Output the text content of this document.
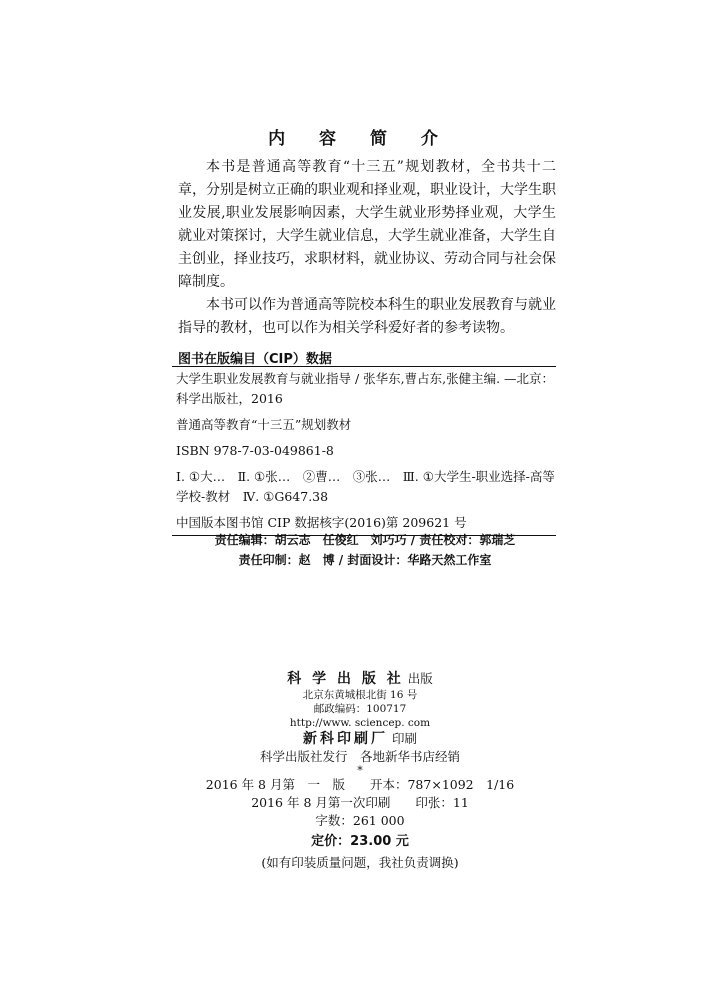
内 容 简 介

本书是普通高等教育“十三五”规划教材，全书共十二章，分别是树立正确的职业观和择业观，职业设计，大学生职业发展,职业发展影响因素，大学生就业形势择业观，大学生就业对策探讨，大学生就业信息，大学生就业准备，大学生自主创业，择业技巧，求职材料，就业协议、劳动合同与社会保障制度。

本书可以作为普通高等院校本科生的职业发展教育与就业指导的教材，也可以作为相关学科爱好者的参考读物。

图书在版编目（CIP）数据
大学生职业发展教育与就业指导 / 张华东,曹占东,张健主编. —北京：科学出版社，2016
普通高等教育“十三五”规划教材
ISBN 978-7-03-049861-8
Ⅰ. ①大…　Ⅱ. ①张…　②曹…　③张…　Ⅲ. ①大学生-职业选择-高等学校-教材　Ⅳ. ①G647.38
中国版本图书馆 CIP 数据核字(2016)第 209621 号
责任编辑：胡云志　任俊红　刘巧巧 / 责任校对：郭瑞芝
责任印制：赵　博 / 封面设计：华路天然工作室
科 学 出 版 社 出版
北京东黄城根北街 16 号
邮政编码：100717
http://www. sciencep. com
新科印刷厂 印刷
科学出版社发行　各地新华书店经销
*
2016 年 8 月第　一　版　　开本：787×1092　1/16
2016 年 8 月第一次印刷　　印张：11
字数：261 000
定价：23.00 元
(如有印装质量问题，我社负责调换)
